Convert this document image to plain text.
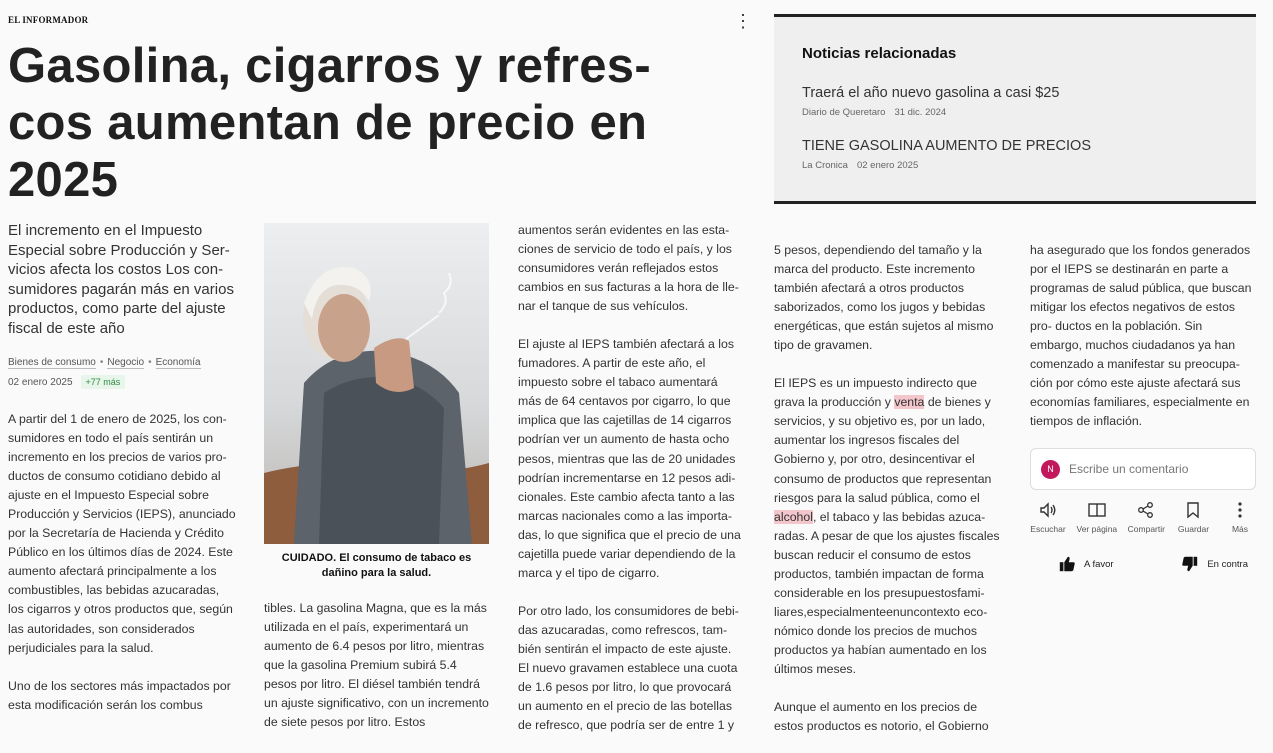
EL INFORMADOR
	⋮
Gasolina, cigarros y refrescos aumentan de precio en 2025
El incremento en el Impuesto Especial sobre Producción y Servicios afecta los costos Los consumidores pagarán más en varios productos, como parte del ajuste fiscal de este año
Bienes de consumo • Negocio • Economía
02 enero 2025	+77 más

A partir del 1 de enero de 2025, los consumidores en todo el país sentirán un incremento en los precios de varios productos de consumo cotidiano debido al ajuste en el Impuesto Especial sobre Producción y Servicios (IEPS), anunciado por la Secretaría de Hacienda y Crédito Público en los últimos días de 2024. Este aumento afectará principalmente a los combustibles, las bebidas azucaradas, los cigarros y otros productos que, según las autoridades, son considerados perjudiciales para la salud.

Uno de los sectores más impactados por esta modificación serán los combus

CUIDADO. El consumo de tabaco es dañino para la salud.

tibles. La gasolina Magna, que es la más utilizada en el país, experimentará un aumento de 6.4 pesos por litro, mientras que la gasolina Premium subirá 5.4 pesos por litro. El diésel también tendrá un ajuste significativo, con un incremento de siete pesos por litro. Estos

aumentos serán evidentes en las estaciones de servicio de todo el país, y los consumidores verán reflejados estos cambios en sus facturas a la hora de llenar el tanque de sus vehículos.

El ajuste al IEPS también afectará a los fumadores. A partir de este año, el impuesto sobre el tabaco aumentará más de 64 centavos por cigarro, lo que implica que las cajetillas de 14 cigarros podrían ver un aumento de hasta ocho pesos, mientras que las de 20 unidades podrían incrementarse en 12 pesos adicionales. Este cambio afecta tanto a las marcas nacionales como a las importadas, lo que significa que el precio de una cajetilla puede variar dependiendo de la marca y el tipo de cigarro.

Por otro lado, los consumidores de bebidas azucaradas, como refrescos, también sentirán el impacto de este ajuste. El nuevo gravamen establece una cuota de 1.6 pesos por litro, lo que provocará un aumento en el precio de las botellas de refresco, que podría ser de entre 1 y

5 pesos, dependiendo del tamaño y la marca del producto. Este incremento también afectará a otros productos saborizados, como los jugos y bebidas energéticas, que están sujetos al mismo tipo de gravamen.

El IEPS es un impuesto indirecto que grava la producción y venta de bienes y servicios, y su objetivo es, por un lado, aumentar los ingresos fiscales del Gobierno y, por otro, desincentivar el consumo de productos que representan riesgos para la salud pública, como el alcohol, el tabaco y las bebidas azucaradas. A pesar de que los ajustes fiscales buscan reducir el consumo de estos productos, también impactan de forma considerable en los presupuestosfamiliares,especialmenteenuncontexto económico donde los precios de muchos productos ya habían aumentado en los últimos meses.

Aunque el aumento en los precios de estos productos es notorio, el Gobierno

ha asegurado que los fondos generados por el IEPS se destinarán en parte a programas de salud pública, que buscan mitigar los efectos negativos de estos pro- ductos en la población. Sin embargo, muchos ciudadanos ya han comenzado a manifestar su preocupación por cómo este ajuste afectará sus economías familiares, especialmente en tiempos de inflación.

Noticias relacionadas
Traerá el año nuevo gasolina a casi $25
Diario de Queretaro 31 dic. 2024
TIENE GASOLINA AUMENTO DE PRECIOS
La Cronica 02 enero 2025
N	Escribe un comentario
Escuchar Ver página Compartir Guardar	Más
A favor	En contra
